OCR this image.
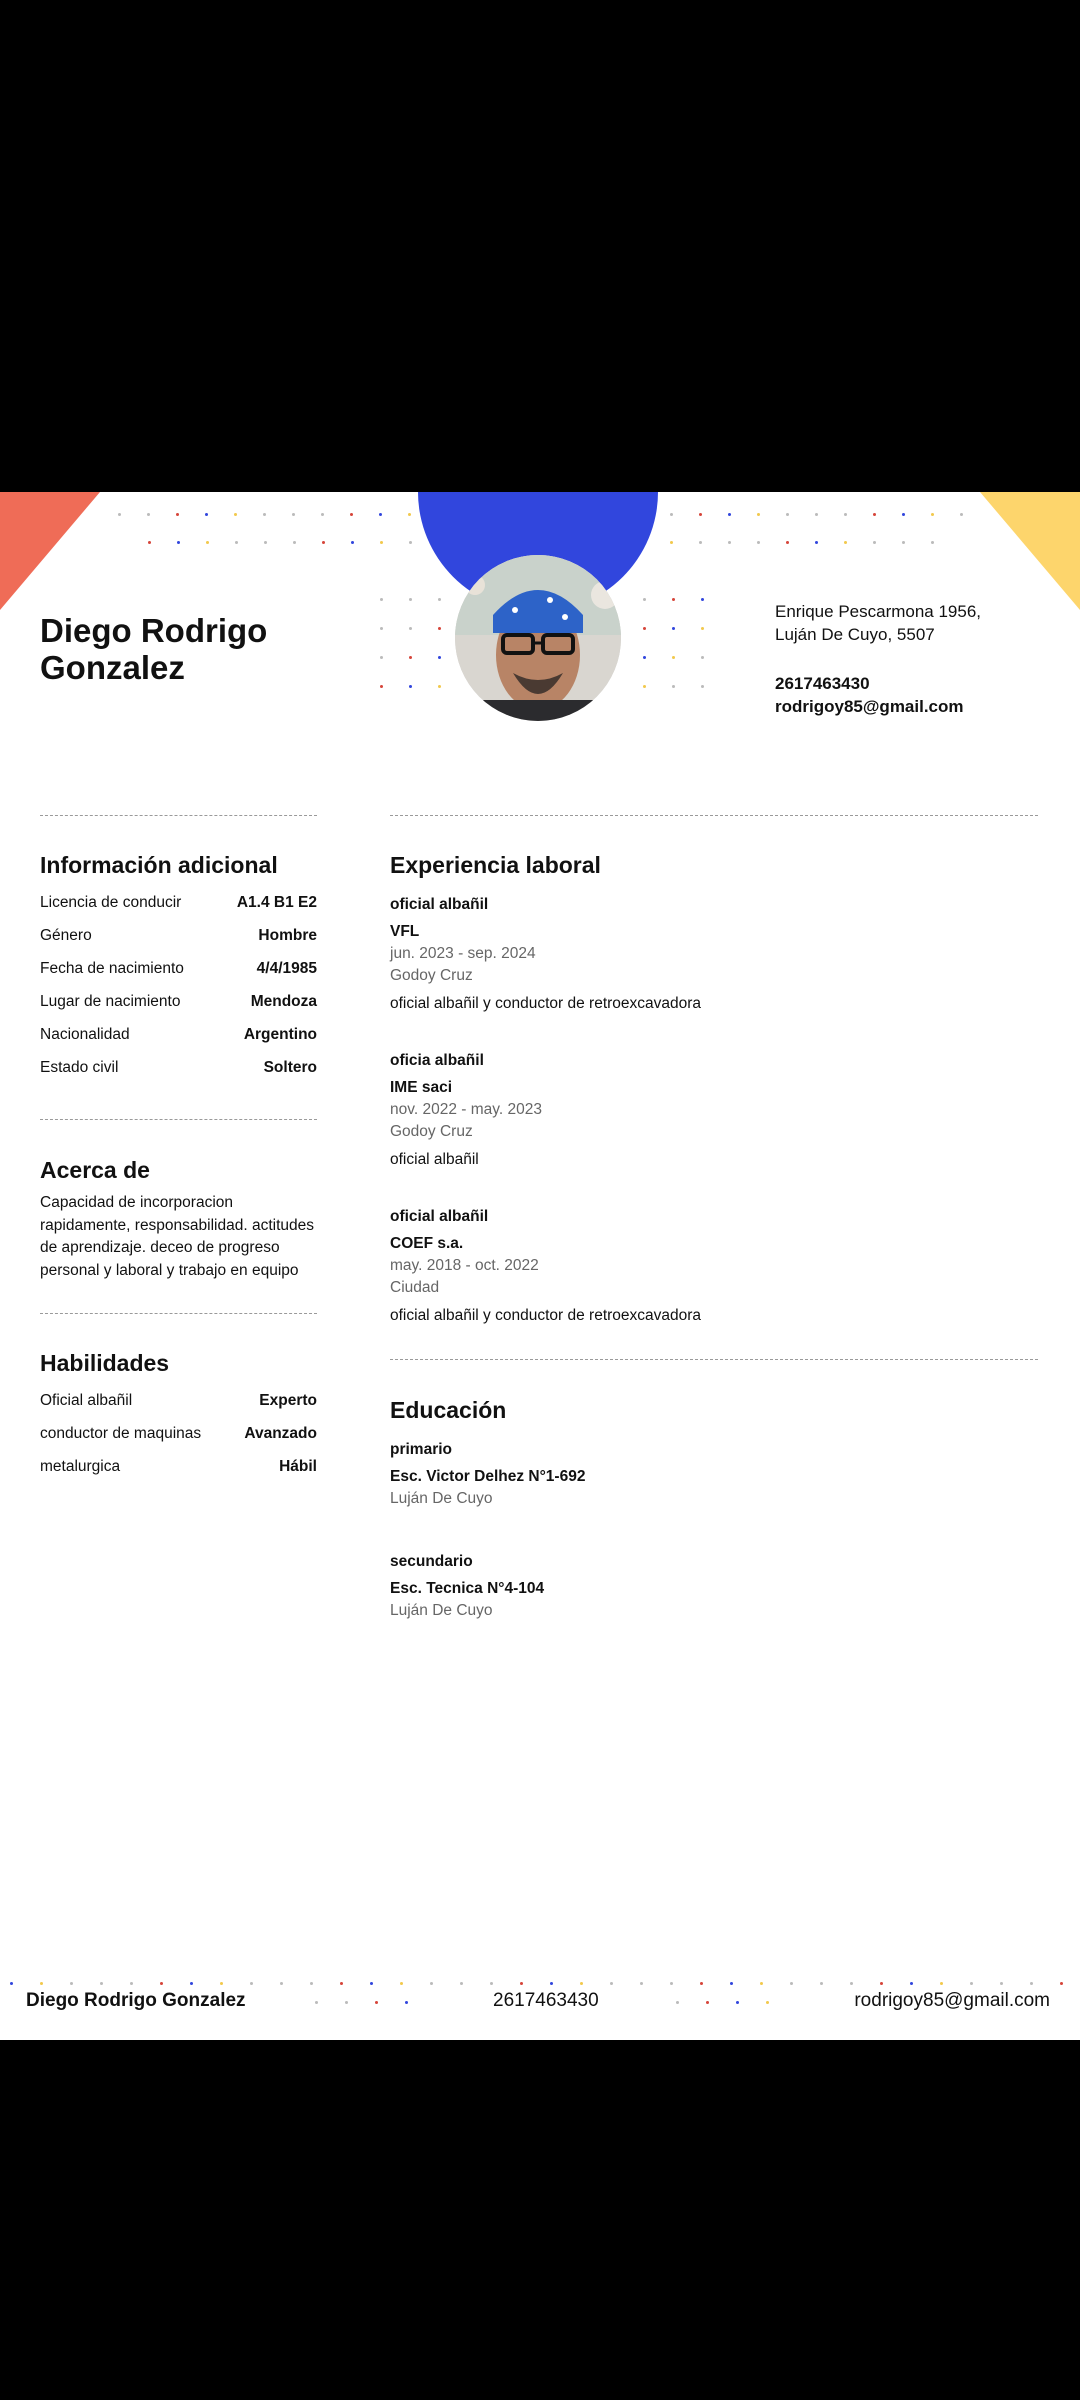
Diego Rodrigo
Gonzalez
Enrique Pescarmona 1956,
Luján De Cuyo, 5507
2617463430
rodrigoy85@gmail.com
Información adicional
Licencia de conducir	A1.4 B1 E2
Género	Hombre
Fecha de nacimiento	4/4/1985
Lugar de nacimiento	Mendoza
Nacionalidad	Argentino
Estado civil	Soltero
Acerca de
Capacidad de incorporacion rapidamente, responsabilidad. actitudes de aprendizaje. deceo de progreso personal y laboral y trabajo en equipo
Habilidades
Oficial albañil	Experto
conductor de maquinas	Avanzado
metalurgica	Hábil
Experiencia laboral
oficial albañil
VFL
jun. 2023 - sep. 2024
Godoy Cruz
oficial albañil y conductor de retroexcavadora
oficia albañil
IME saci
nov. 2022 - may. 2023
Godoy Cruz
oficial albañil
oficial albañil
COEF s.a.
may. 2018 - oct. 2022
Ciudad
oficial albañil y conductor de retroexcavadora
Educación
primario
Esc. Victor Delhez N°1-692
Luján De Cuyo
secundario
Esc. Tecnica N°4-104
Luján De Cuyo
Diego Rodrigo Gonzalez	2617463430	rodrigoy85@gmail.com
